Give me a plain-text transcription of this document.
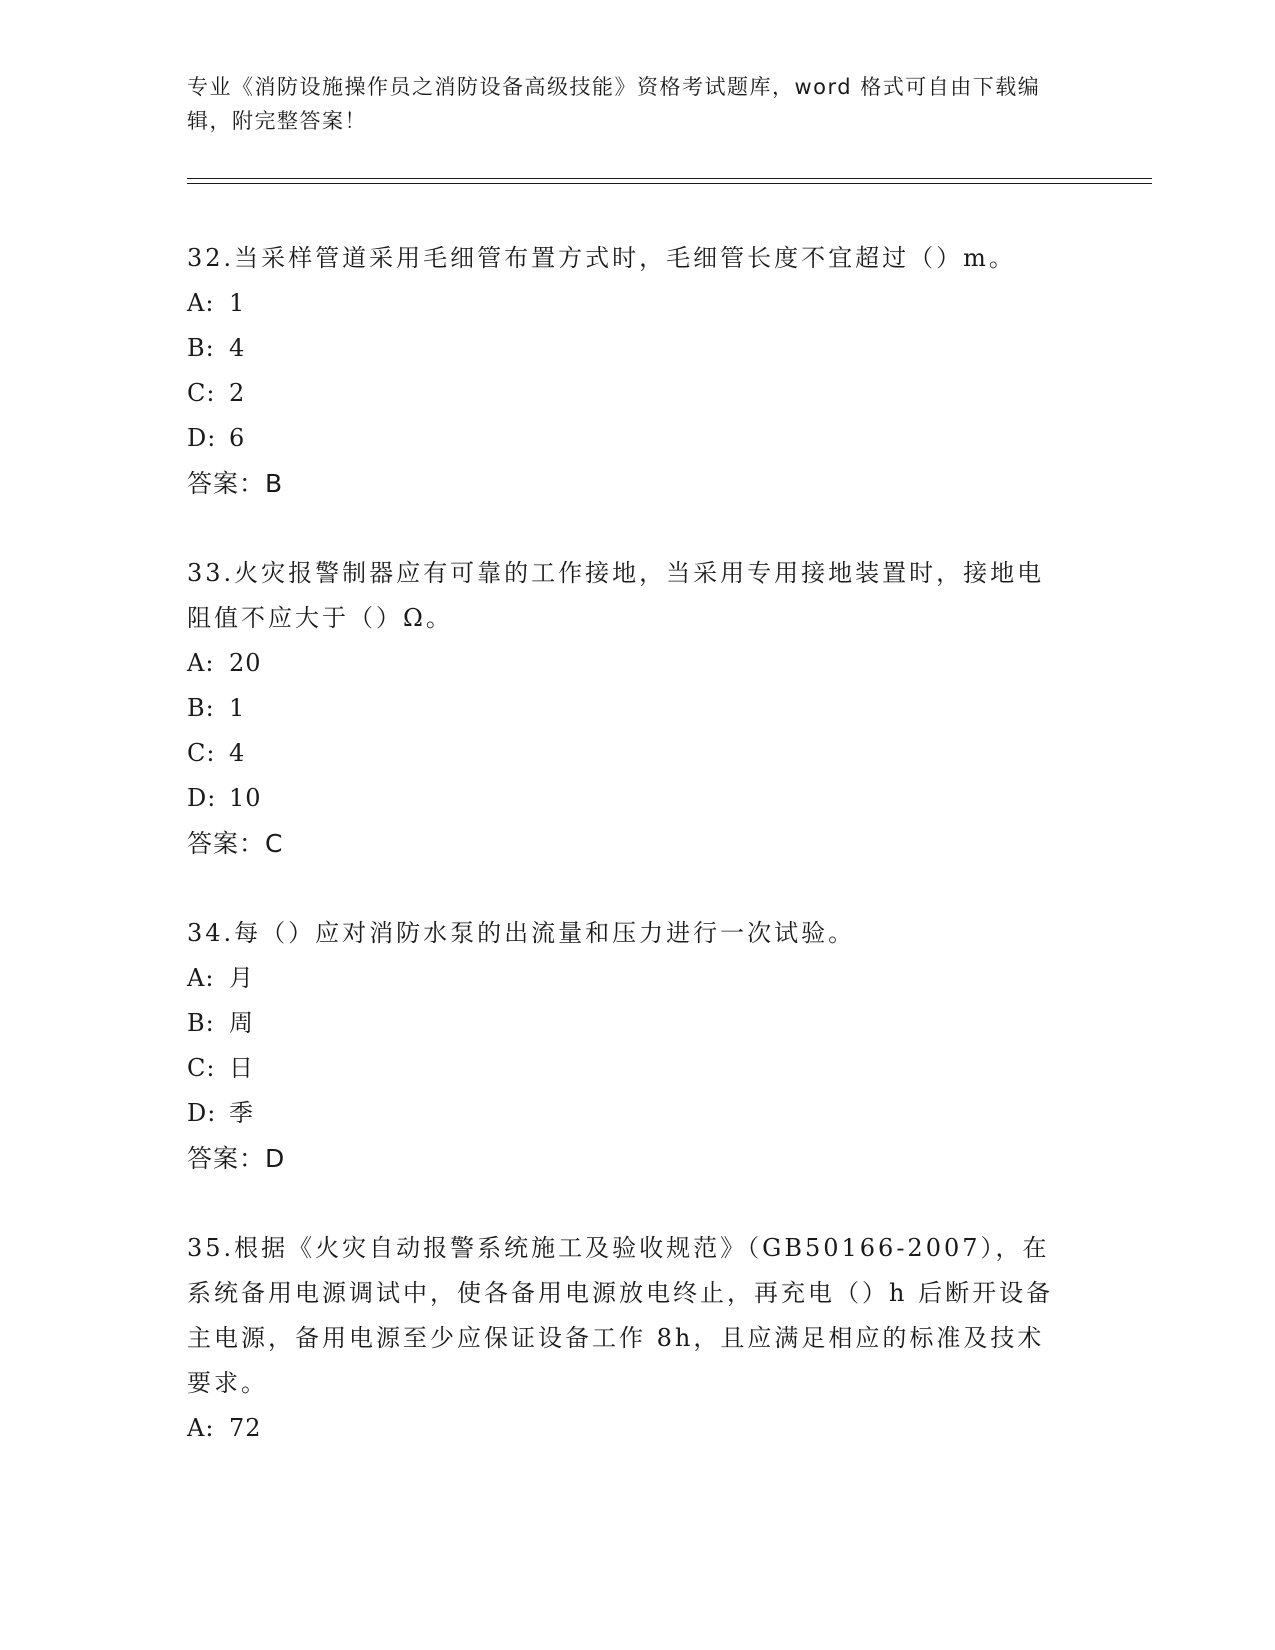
专业《消防设施操作员之消防设备高级技能》资格考试题库，word 格式可自由下载编辑，附完整答案！
32.当采样管道采用毛细管布置方式时，毛细管长度不宜超过（）m。
A: 1
B: 4
C: 2
D: 6
答案：B
33.火灾报警制器应有可靠的工作接地，当采用专用接地装置时，接地电阻值不应大于（）Ω。
A: 20
B: 1
C: 4
D: 10
答案：C
34.每（）应对消防水泵的出流量和压力进行一次试验。
A: 月
B: 周
C: 日
D: 季
答案：D
35.根据《火灾自动报警系统施工及验收规范》（GB50166-2007），在系统备用电源调试中，使各备用电源放电终止，再充电（）h 后断开设备主电源，备用电源至少应保证设备工作 8h，且应满足相应的标准及技术要求。
A: 72
